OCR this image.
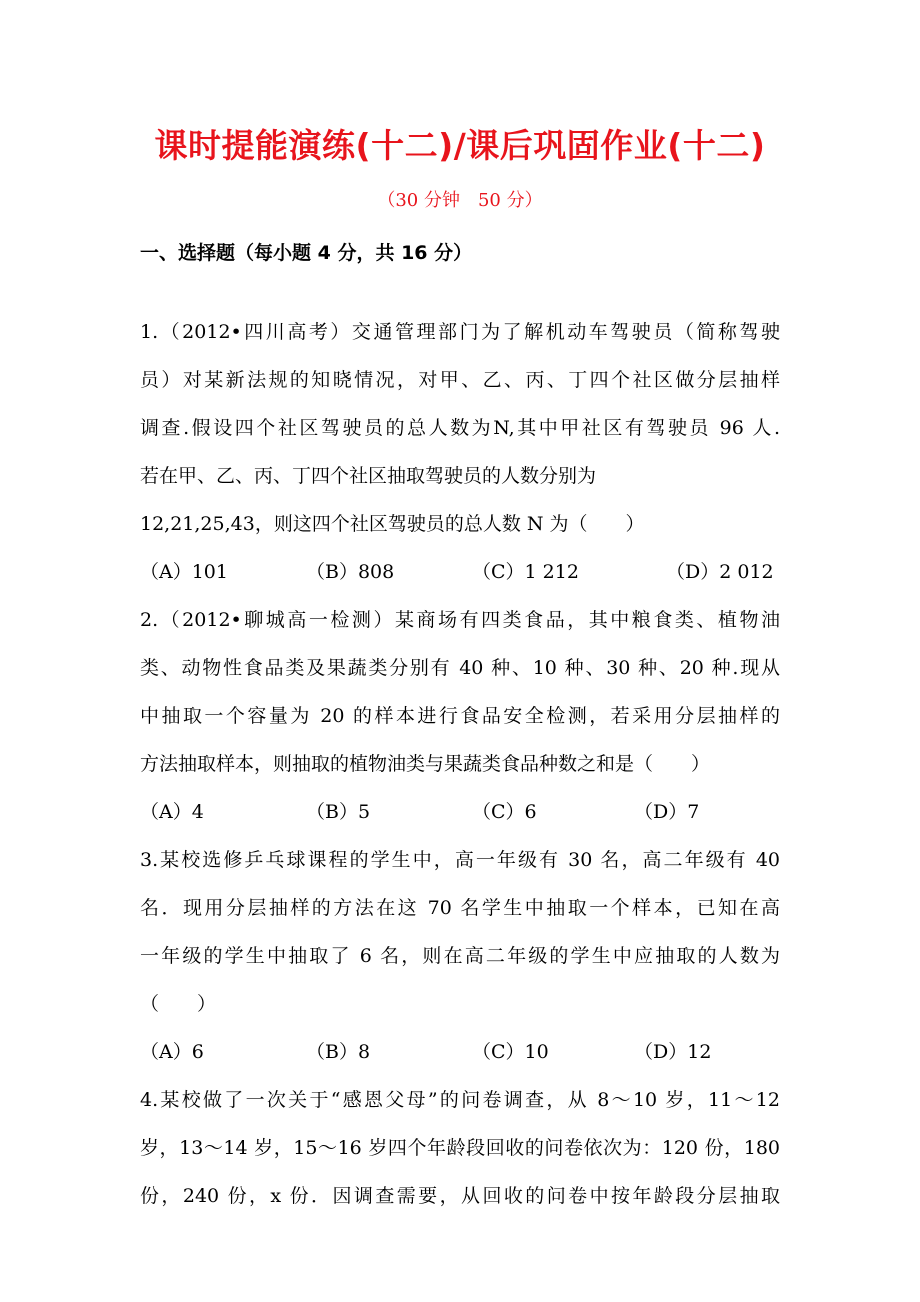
课时提能演练(十二)/课后巩固作业(十二)
（30 分钟　50 分）
一、选择题（每小题 4 分，共 16 分）
1.（2012•四川高考）交通管理部门为了解机动车驾驶员（简称驾驶
员）对某新法规的知晓情况，对甲、乙、丙、丁四个社区做分层抽样
调查.假设四个社区驾驶员的总人数为N,其中甲社区有驾驶员 96 人.
若在甲、乙、丙、丁四个社区抽取驾驶员的人数分别为
12,21,25,43，则这四个社区驾驶员的总人数 N 为（　　）
（A）101	（B）808	（C）1 212	（D）2 012
2.（2012•聊城高一检测）某商场有四类食品，其中粮食类、植物油
类、动物性食品类及果蔬类分别有 40 种、10 种、30 种、20 种.现从
中抽取一个容量为 20 的样本进行食品安全检测，若采用分层抽样的
方法抽取样本，则抽取的植物油类与果蔬类食品种数之和是（　　）
（A）4	（B）5	（C）6	（D）7
3.某校选修乒乓球课程的学生中，高一年级有 30 名，高二年级有 40
名．现用分层抽样的方法在这 70 名学生中抽取一个样本，已知在高
一年级的学生中抽取了 6 名，则在高二年级的学生中应抽取的人数为
（　　）
（A）6	（B）8	（C）10	（D）12
4.某校做了一次关于“感恩父母”的问卷调查，从 8～10 岁，11～12
岁，13～14 岁，15～16 岁四个年龄段回收的问卷依次为：120 份，180
份，240 份，x 份．因调查需要，从回收的问卷中按年龄段分层抽取
